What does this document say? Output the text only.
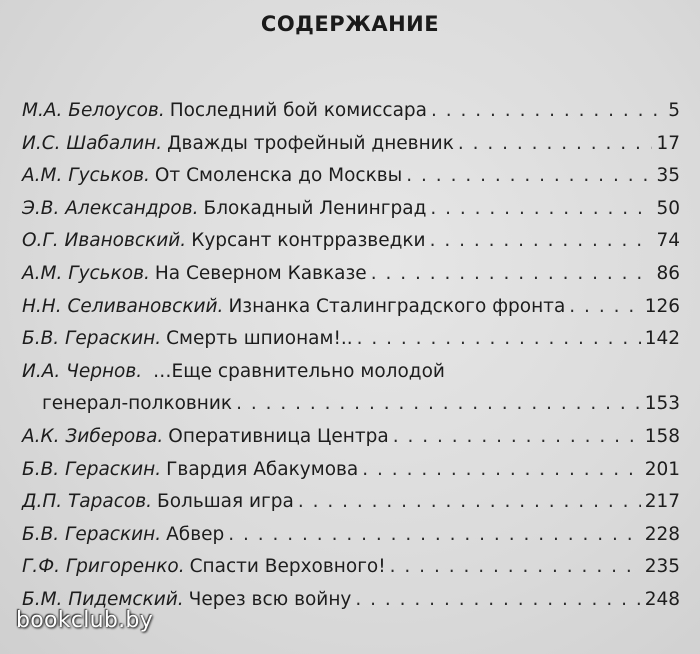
СОДЕРЖАНИЕ
М.А. Белоусов. Последний бой комиссара . . .	5
И.С. Шабалин. Дважды трофейный дневник . . .	17
А.М. Гуськов. От Смоленска до Москвы . . .	35
Э.В. Александров. Блокадный Ленинград . . .	50
О.Г. Ивановский. Курсант контрразведки . . .	74
А.М. Гуськов. На Северном Кавказе . . .	86
Н.Н. Селивановский. Изнанка Сталинградского фронта . . .	126
Б.В. Гераскин. Смерть шпионам!.. . . .	142
И.А. Чернов. …Еще сравнительно молодой
генерал-полковник . . .	153
А.К. Зиберова. Оперативница Центра . . .	158
Б.В. Гераскин. Гвардия Абакумова . . .	201
Д.П. Тарасов. Большая игра . . .	217
Б.В. Гераскин. Абвер . . .	228
Г.Ф. Григоренко. Спасти Верховного! . . .	235
Б.М. Пидемский. Через всю войну . . .	248
bookclub.by
